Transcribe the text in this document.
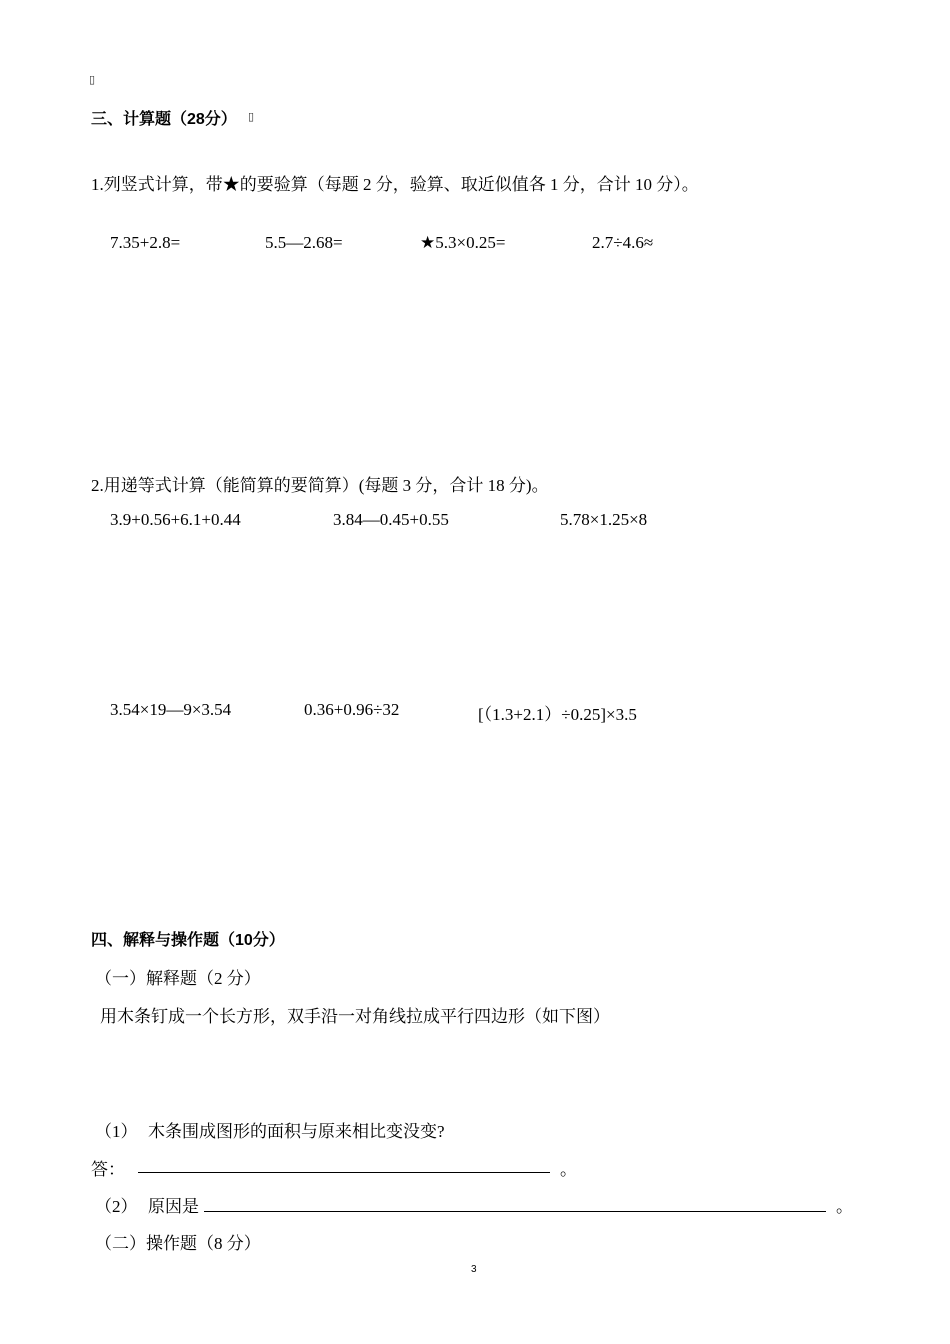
▯
三、计算题（28分） ▯
1.列竖式计算，带★的要验算（每题 2 分，验算、取近似值各 1 分，合计 10 分）。
7.35+2.8=	5.5—2.68=	★5.3×0.25=	2.7÷4.6≈
2.用递等式计算（能简算的要简算）(每题 3 分，合计 18 分)。
3.9+0.56+6.1+0.44	3.84—0.45+0.55	5.78×1.25×8
3.54×19—9×3.54	0.36+0.96÷32	[（1.3+2.1）÷0.25]×3.5
四、解释与操作题（10分）
（一）解释题（2 分）
用木条钉成一个长方形，双手沿一对角线拉成平行四边形（如下图）
（1） 木条围成图形的面积与原来相比变没变?
答：	。
（2） 原因是	。
（二）操作题（8 分）
3
